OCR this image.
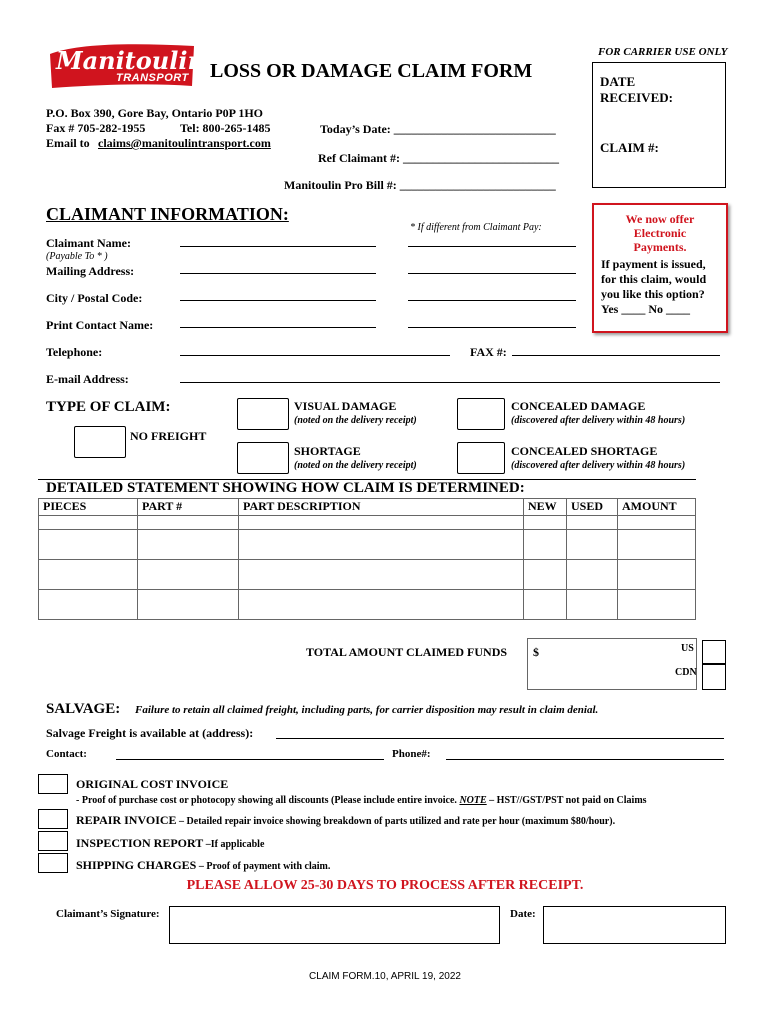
Manitoulin
TRANSPORT LOSS OR DAMAGE CLAIM FORM
FOR CARRIER USE ONLY
DATE RECEIVED:
CLAIM #:
P.O. Box 390, Gore Bay, Ontario P0P 1HO
Fax # 705-282-1955	Tel: 800-265-1485
Email to claims@manitoulintransport.com
Today’s Date: ___________________________
Ref Claimant #: __________________________
Manitoulin Pro Bill #: __________________________
CLAIMANT INFORMATION:
* If different from Claimant Pay:
Claimant Name:
(Payable To * )
Mailing Address:
City / Postal Code:
Print Contact Name:
Telephone:	FAX #:
E-mail Address:
We now offer
Electronic
Payments.
If payment is issued,
for this claim, would
you like this option?
Yes ____ No ____
TYPE OF CLAIM:
NO FREIGHT
VISUAL DAMAGE
(noted on the delivery receipt)
CONCEALED DAMAGE
(discovered after delivery within 48 hours)
SHORTAGE
(noted on the delivery receipt)
CONCEALED SHORTAGE
(discovered after delivery within 48 hours)
DETAILED STATEMENT SHOWING HOW CLAIM IS DETERMINED:
PIECES	PART #	PART DESCRIPTION	NEW	USED	AMOUNT

TOTAL AMOUNT CLAIMED FUNDS $	US
CDN
SALVAGE: Failure to retain all claimed freight, including parts, for carrier disposition may result in claim denial.
Salvage Freight is available at (address):
Contact:	Phone#:
ORIGINAL COST INVOICE
- Proof of purchase cost or photocopy showing all discounts (Please include entire invoice. NOTE – HST//GST/PST not paid on Claims
REPAIR INVOICE – Detailed repair invoice showing breakdown of parts utilized and rate per hour (maximum $80/hour).
INSPECTION REPORT –If applicable
SHIPPING CHARGES – Proof of payment with claim.
PLEASE ALLOW 25-30 DAYS TO PROCESS AFTER RECEIPT.
Claimant’s Signature:	Date:
CLAIM FORM.10, APRIL 19, 2022
